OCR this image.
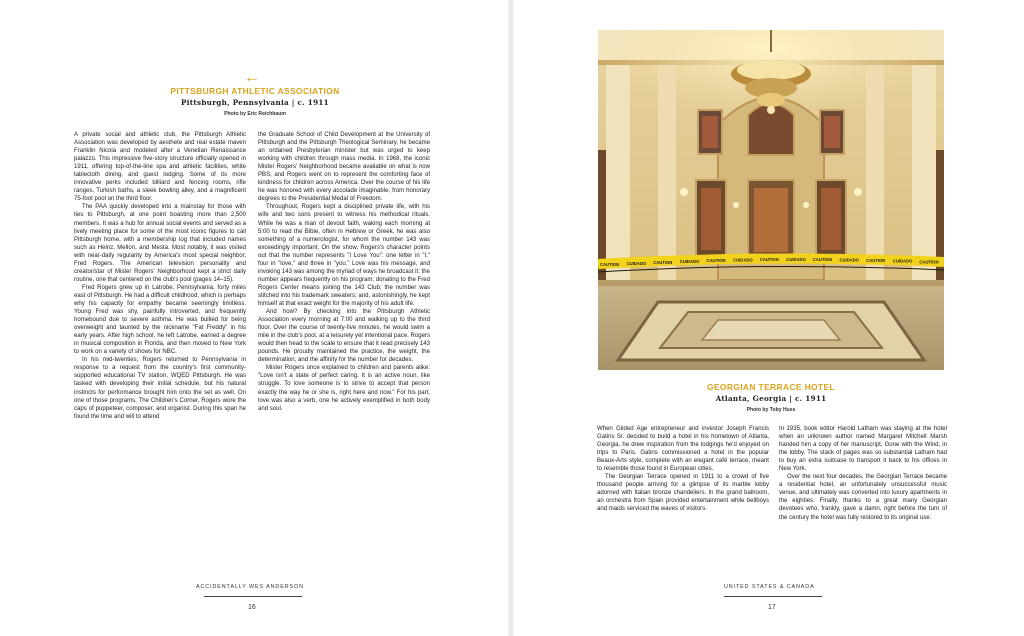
←
PITTSBURGH ATHLETIC ASSOCIATION
Pittsburgh, Pennsylvania | c. 1911
Photo by Eric Reichbaum

A private social and athletic club, the Pittsburgh Athletic Association was developed by aesthete and real estate maven Franklin Nicola and modeled after a Venetian Renaissance palazzo. This impressive five-story structure officially opened in 1911, offering top-of-the-line spa and athletic facilities, white tablecloth dining, and guest lodging. Some of its more innovative perks included billiard and fencing rooms, rifle ranges, Turkish baths, a sleek bowling alley, and a magnificent 75-foot pool on the third floor.

The PAA quickly developed into a mainstay for those with ties to Pittsburgh, at one point boasting more than 2,500 members. It was a hub for annual social events and served as a lively meeting place for some of the most iconic figures to call Pittsburgh home, with a membership log that included names such as Heinz, Mellon, and Mesta. Most notably, it was visited with near-daily regularity by America's most special neighbor, Fred Rogers. The American television personality and creator/star of Mister Rogers' Neighborhood kept a strict daily routine, one that centered on the club's pool (pages 14–15).

Fred Rogers grew up in Latrobe, Pennsylvania, forty miles east of Pittsburgh. He had a difficult childhood, which is perhaps why his capacity for empathy became seemingly limitless. Young Fred was shy, painfully introverted, and frequently homebound due to severe asthma. He was bullied for being overweight and taunted by the nickname "Fat Freddy" in his early years. After high school, he left Latrobe, earned a degree in musical composition in Florida, and then moved to New York to work on a variety of shows for NBC.

In his mid-twenties, Rogers returned to Pennsylvania in response to a request from the country's first community-supported educational TV station, WQED Pittsburgh. He was tasked with developing their initial schedule, but his natural instincts for performance brought him onto the set as well. On one of those programs, The Children's Corner, Rogers wore the caps of puppeteer, composer, and organist. During this span he found the time and will to attend

the Graduate School of Child Development at the University of Pittsburgh and the Pittsburgh Theological Seminary, he became an ordained Presbyterian minister but was urged to keep working with children through mass media. In 1968, the iconic Mister Rogers' Neighborhood became available on what is now PBS, and Rogers went on to represent the comforting face of kindness for children across America. Over the course of his life he was honored with every accolade imaginable, from honorary degrees to the Presidential Medal of Freedom.

Throughout, Rogers kept a disciplined private life, with his wife and two sons present to witness his methodical rituals. While he was a man of devout faith, waking each morning at 5:00 to read the Bible, often in Hebrew or Greek, he was also something of a numerologist, for whom the number 143 was exceedingly important. On the show, Rogers's character points out that the number represents "I Love You": one letter in "I," four in "love," and three in "you." Love was his message, and invoking 143 was among the myriad of ways he broadcast it: the number appears frequently on his program; donating to the Fred Rogers Center means joining the 143 Club; the number was stitched into his trademark sweaters; and, astonishingly, he kept himself at that exact weight for the majority of his adult life.

And how? By checking into the Pittsburgh Athletic Association every morning at 7:00 and walking up to the third floor. Over the course of twenty-five minutes, he would swim a mile in the club's pool, at a leisurely yet intentional pace. Rogers would then head to the scale to ensure that it read precisely 143 pounds. He proudly maintained the practice, the weight, the determination, and the affinity for the number for decades.

Mister Rogers once explained to children and parents alike: "Love isn't a state of perfect caring. It is an active noun, like struggle. To love someone is to strive to accept that person exactly the way he or she is, right here and now." For his part, love was also a verb, one he actively exemplified in both body and soul.

ACCIDENTALLY WES ANDERSON
16
CAUTION CUIDADO CAUTION CUIDADO CAUTION CUIDADO CAUTION CUIDADO CAUTION CUIDADO CAUTION CUIDADO CAUTION
GEORGIAN TERRACE HOTEL
Atlanta, Georgia | c. 1911
Photo by Toby Huss

When Gilded Age entrepreneur and investor Joseph Francis Gatins Sr. decided to build a hotel in his hometown of Atlanta, Georgia, he drew inspiration from the lodgings he'd enjoyed on trips to Paris. Gatins commissioned a hotel in the popular Beaux-Arts style, complete with an elegant café terrace, meant to resemble those found in European cities.

The Georgian Terrace opened in 1911 to a crowd of five thousand people arriving for a glimpse of its marble lobby adorned with Italian bronze chandeliers. In the grand ballroom, an orchestra from Spain provided entertainment while bellboys and maids serviced the waves of visitors.

In 1935, book editor Harold Latham was staying at the hotel when an unknown author named Margaret Mitchell Marsh handed him a copy of her manuscript, Gone with the Wind, in the lobby. The stack of pages was so substantial Latham had to buy an extra suitcase to transport it back to his offices in New York.

Over the next four decades, the Georgian Terrace became a residential hotel, an unfortunately unsuccessful music venue, and ultimately was converted into luxury apartments in the eighties. Finally, thanks to a great many Georgian devotees who, frankly, gave a damn, right before the turn of the century the hotel was fully restored to its original use.

UNITED STATES & CANADA
17
